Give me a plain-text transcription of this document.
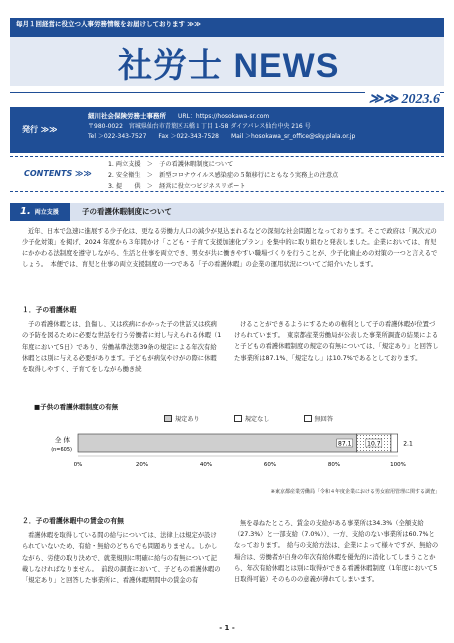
毎月１回経営に役立つ人事労務情報をお届けしております ≫≫
社労士 NEWS
≫≫ 2023.6
発行 ≫≫
細川社会保険労務士事務所　　 URL：https://hosokawa-sr.com
〒980-0022　宮城県仙台市青葉区五橋１丁目 1-58 ダイアパレス仙台中央 216 号
Tel ＞022-343-7527　　Fax ＞022-343-7528　　Mail ＞hosokawa_sr_office@sky.plala.or.jp
CONTENTS ≫≫
1. 両立支援　＞　子の看護休暇制度について
2. 安全衛生　＞　新型コロナウイルス感染症の５類移行にともなう実務上の注意点
3. 提　　供　＞　経営に役立つビジネスリポート
1. 両立支援	子の看護休暇制度について
近年、日本で急速に進展する少子化は、更なる労働力人口の減少が見込まれるなどの深刻な社会問題となっております。そこで政府は「異次元の少子化対策」を掲げ、2024 年度から３年間かけ「こども・子育て支援加速化プラン」を集中的に取り組むと発表しました。企業においては、育児にかかわる法制度を遵守しながら、生活と仕事を両立でき、男女が共に働きやすい職場づくりを行うことが、少子化歯止めの対策の一つと言えるでしょう。　本便では、育児と仕事の両立支援制度の一つである「子の看護休暇」の企業の運用状況についてご紹介いたします。
１．子の看護休暇

子の看護休暇とは、負傷し、又は疾病にかかった子の世話又は疾病の予防を図るために必要な世話を行う労働者に対し与えられる休暇（1年度において5日）であり、労働基準法第39条の規定による年次有給休暇とは別に与える必要があります。子どもが病気やけがの際に休暇を取得しやすく、子育てをしながら働き続

けることができるようにするための権利として子の看護休暇が位置づけられています。　東京都産業労働局が公表した事業所調査の結果によると子どもの看護休暇制度の規定の有無については、「規定あり」と回答した事業所は87.1%、「規定なし」は10.7%であるとしております。

■子供の看護休暇制度の有無
規定あり	規定なし	無回答
全 体
(n=605)
87.1	10.7	2.1
0%	20%	40%	60%	80%	100%
※東京都産業労働局「令和４年度企業における男女雇用管理に関する調査」
２．子の看護休暇中の賃金の有無

看護休暇を取得している間の給与については、法律上は規定が設けられていないため、有給・無給のどちらでも問題ありません。しかしながら、労使の取り決めで、就業規則に明確に給与の有無について記載しなければなりません。　前段の調査において、子どもの看護休暇の「規定あり」と回答した事業所に、看護休暇期間中の賃金の有

無を尋ねたところ、賃金の支給がある事業所は34.3%（全額支給（27.3%）と一部支給（7.0%））、一方、支給のない事業所は60.7%となっております。　給与の支給方法は、企業によって様々ですが、無給の場合は、労働者が自身の年次有給休暇を優先的に消化してしまうことから、年次有給休暇とは別に取得ができる看護休暇制度（1年度において5日取得可能）そのものの意義が薄れてしまいます。

- 1 -
